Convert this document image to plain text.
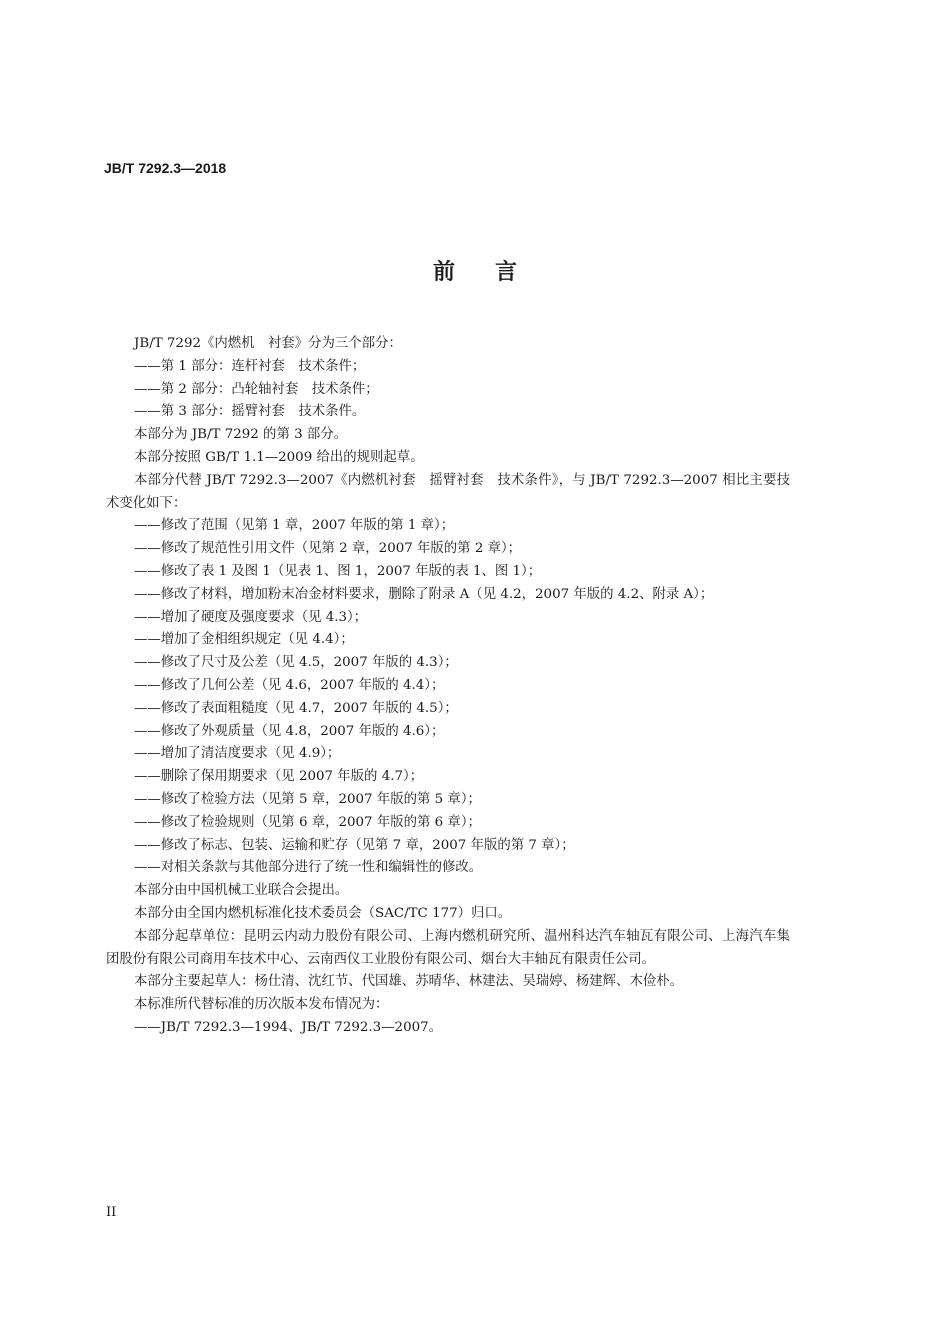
JB/T 7292.3—2018
前言

JB/T 7292《内燃机　衬套》分为三个部分：

——第 1 部分：连杆衬套　技术条件；

——第 2 部分：凸轮轴衬套　技术条件；

——第 3 部分：摇臂衬套　技术条件。

本部分为 JB/T 7292 的第 3 部分。

本部分按照 GB/T 1.1—2009 给出的规则起草。

本部分代替 JB/T 7292.3—2007《内燃机衬套　摇臂衬套　技术条件》，与 JB/T 7292.3—2007 相比主要技术变化如下：

——修改了范围（见第 1 章，2007 年版的第 1 章）；

——修改了规范性引用文件（见第 2 章，2007 年版的第 2 章）；

——修改了表 1 及图 1（见表 1、图 1，2007 年版的表 1、图 1）；

——修改了材料，增加粉末冶金材料要求，删除了附录 A（见 4.2，2007 年版的 4.2、附录 A）；

——增加了硬度及强度要求（见 4.3）；

——增加了金相组织规定（见 4.4）；

——修改了尺寸及公差（见 4.5，2007 年版的 4.3）；

——修改了几何公差（见 4.6，2007 年版的 4.4）；

——修改了表面粗糙度（见 4.7，2007 年版的 4.5）；

——修改了外观质量（见 4.8，2007 年版的 4.6）；

——增加了清洁度要求（见 4.9）；

——删除了保用期要求（见 2007 年版的 4.7）；

——修改了检验方法（见第 5 章，2007 年版的第 5 章）；

——修改了检验规则（见第 6 章，2007 年版的第 6 章）；

——修改了标志、包装、运输和贮存（见第 7 章，2007 年版的第 7 章）；

——对相关条款与其他部分进行了统一性和编辑性的修改。

本部分由中国机械工业联合会提出。

本部分由全国内燃机标准化技术委员会（SAC/TC 177）归口。

本部分起草单位：昆明云内动力股份有限公司、上海内燃机研究所、温州科达汽车轴瓦有限公司、上海汽车集团股份有限公司商用车技术中心、云南西仪工业股份有限公司、烟台大丰轴瓦有限责任公司。

本部分主要起草人：杨仕清、沈红节、代国雄、苏晴华、林建法、吴瑞婷、杨建辉、木俭朴。

本标准所代替标准的历次版本发布情况为：

——JB/T 7292.3—1994、JB/T 7292.3—2007。

II
